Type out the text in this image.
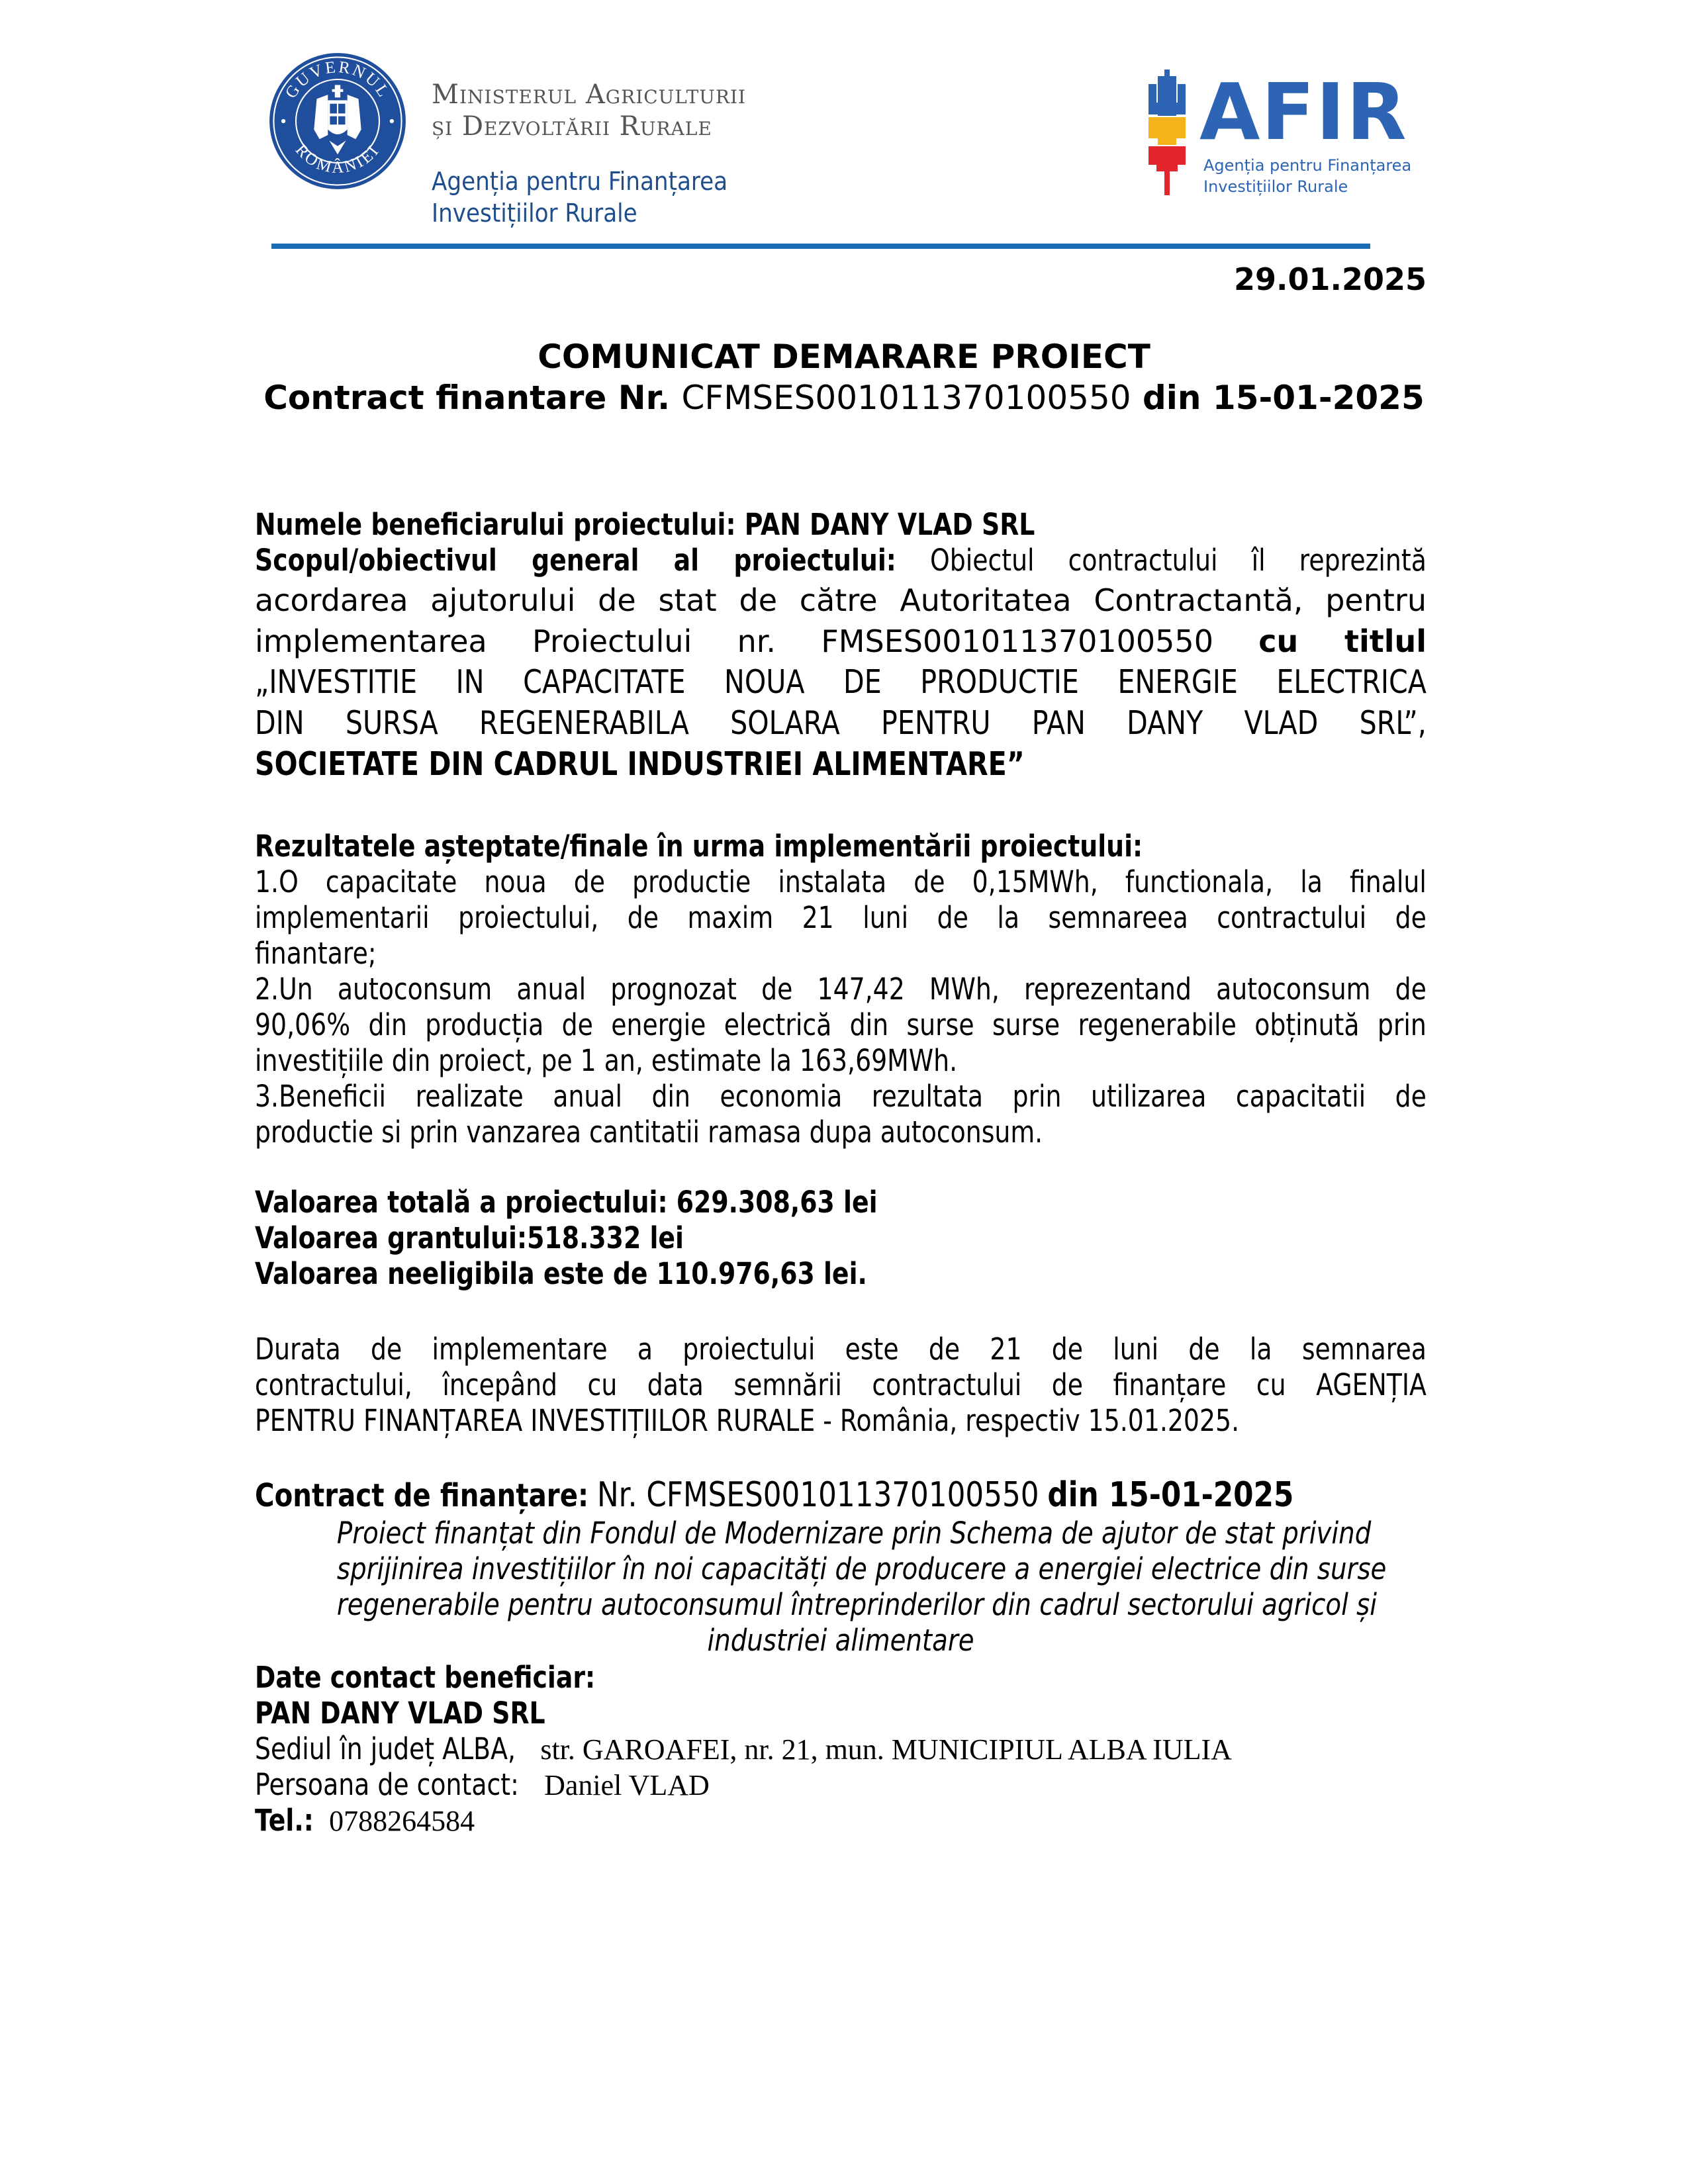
GUVERNUL
ROMÂNIEI
Ministerul Agriculturii
și Dezvoltării Rurale
Agenția pentru Finanțarea
Investițiilor Rurale
AFIR
Agenția pentru Finanțarea
Investițiilor Rurale
29.01.2025
COMUNICAT DEMARARE PROIECT
Contract finantare Nr. CFMSES001011370100550 din 15-01-2025
Numele beneficiarului proiectului: PAN DANY VLAD SRL
Scopul/obiectivul general al proiectului: Obiectul contractului îl reprezintă
acordarea ajutorului de stat de către Autoritatea Contractantă, pentru
implementarea Proiectului nr. FMSES001011370100550 cu titlul
„INVESTITIE IN CAPACITATE NOUA DE PRODUCTIE ENERGIE ELECTRICA
DIN SURSA REGENERABILA SOLARA PENTRU PAN DANY VLAD SRL”,
SOCIETATE DIN CADRUL INDUSTRIEI ALIMENTARE”
Rezultatele așteptate/finale în urma implementării proiectului:
1.O capacitate noua de productie instalata de 0,15MWh, functionala, la finalul
implementarii proiectului, de maxim 21 luni de la semnareea contractului de
finantare;
2.Un autoconsum anual prognozat de 147,42 MWh, reprezentand autoconsum de
90,06% din producția de energie electrică din surse surse regenerabile obținută prin
investițiile din proiect, pe 1 an, estimate la 163,69MWh.
3.Beneficii realizate anual din economia rezultata prin utilizarea capacitatii de
productie si prin vanzarea cantitatii ramasa dupa autoconsum.
Valoarea totală a proiectului: 629.308,63 lei
Valoarea grantului:518.332 lei
Valoarea neeligibila este de 110.976,63 lei.
Durata de implementare a proiectului este de 21 de luni de la semnarea
contractului, începând cu data semnării contractului de finanțare cu AGENȚIA
PENTRU FINANȚAREA INVESTIȚIILOR RURALE - România, respectiv 15.01.2025.
Contract de finanțare: Nr. CFMSES001011370100550 din 15-01-2025
Proiect finanțat din Fondul de Modernizare prin Schema de ajutor de stat privind
sprijinirea investițiilor în noi capacități de producere a energiei electrice din surse
regenerabile pentru autoconsumul întreprinderilor din cadrul sectorului agricol și
industriei alimentare
Date contact beneficiar:
PAN DANY VLAD SRL
Sediul în județ ALBA, str. GAROAFEI, nr. 21, mun. MUNICIPIUL ALBA IULIA
Persoana de contact: Daniel VLAD
Tel.: 0788264584
